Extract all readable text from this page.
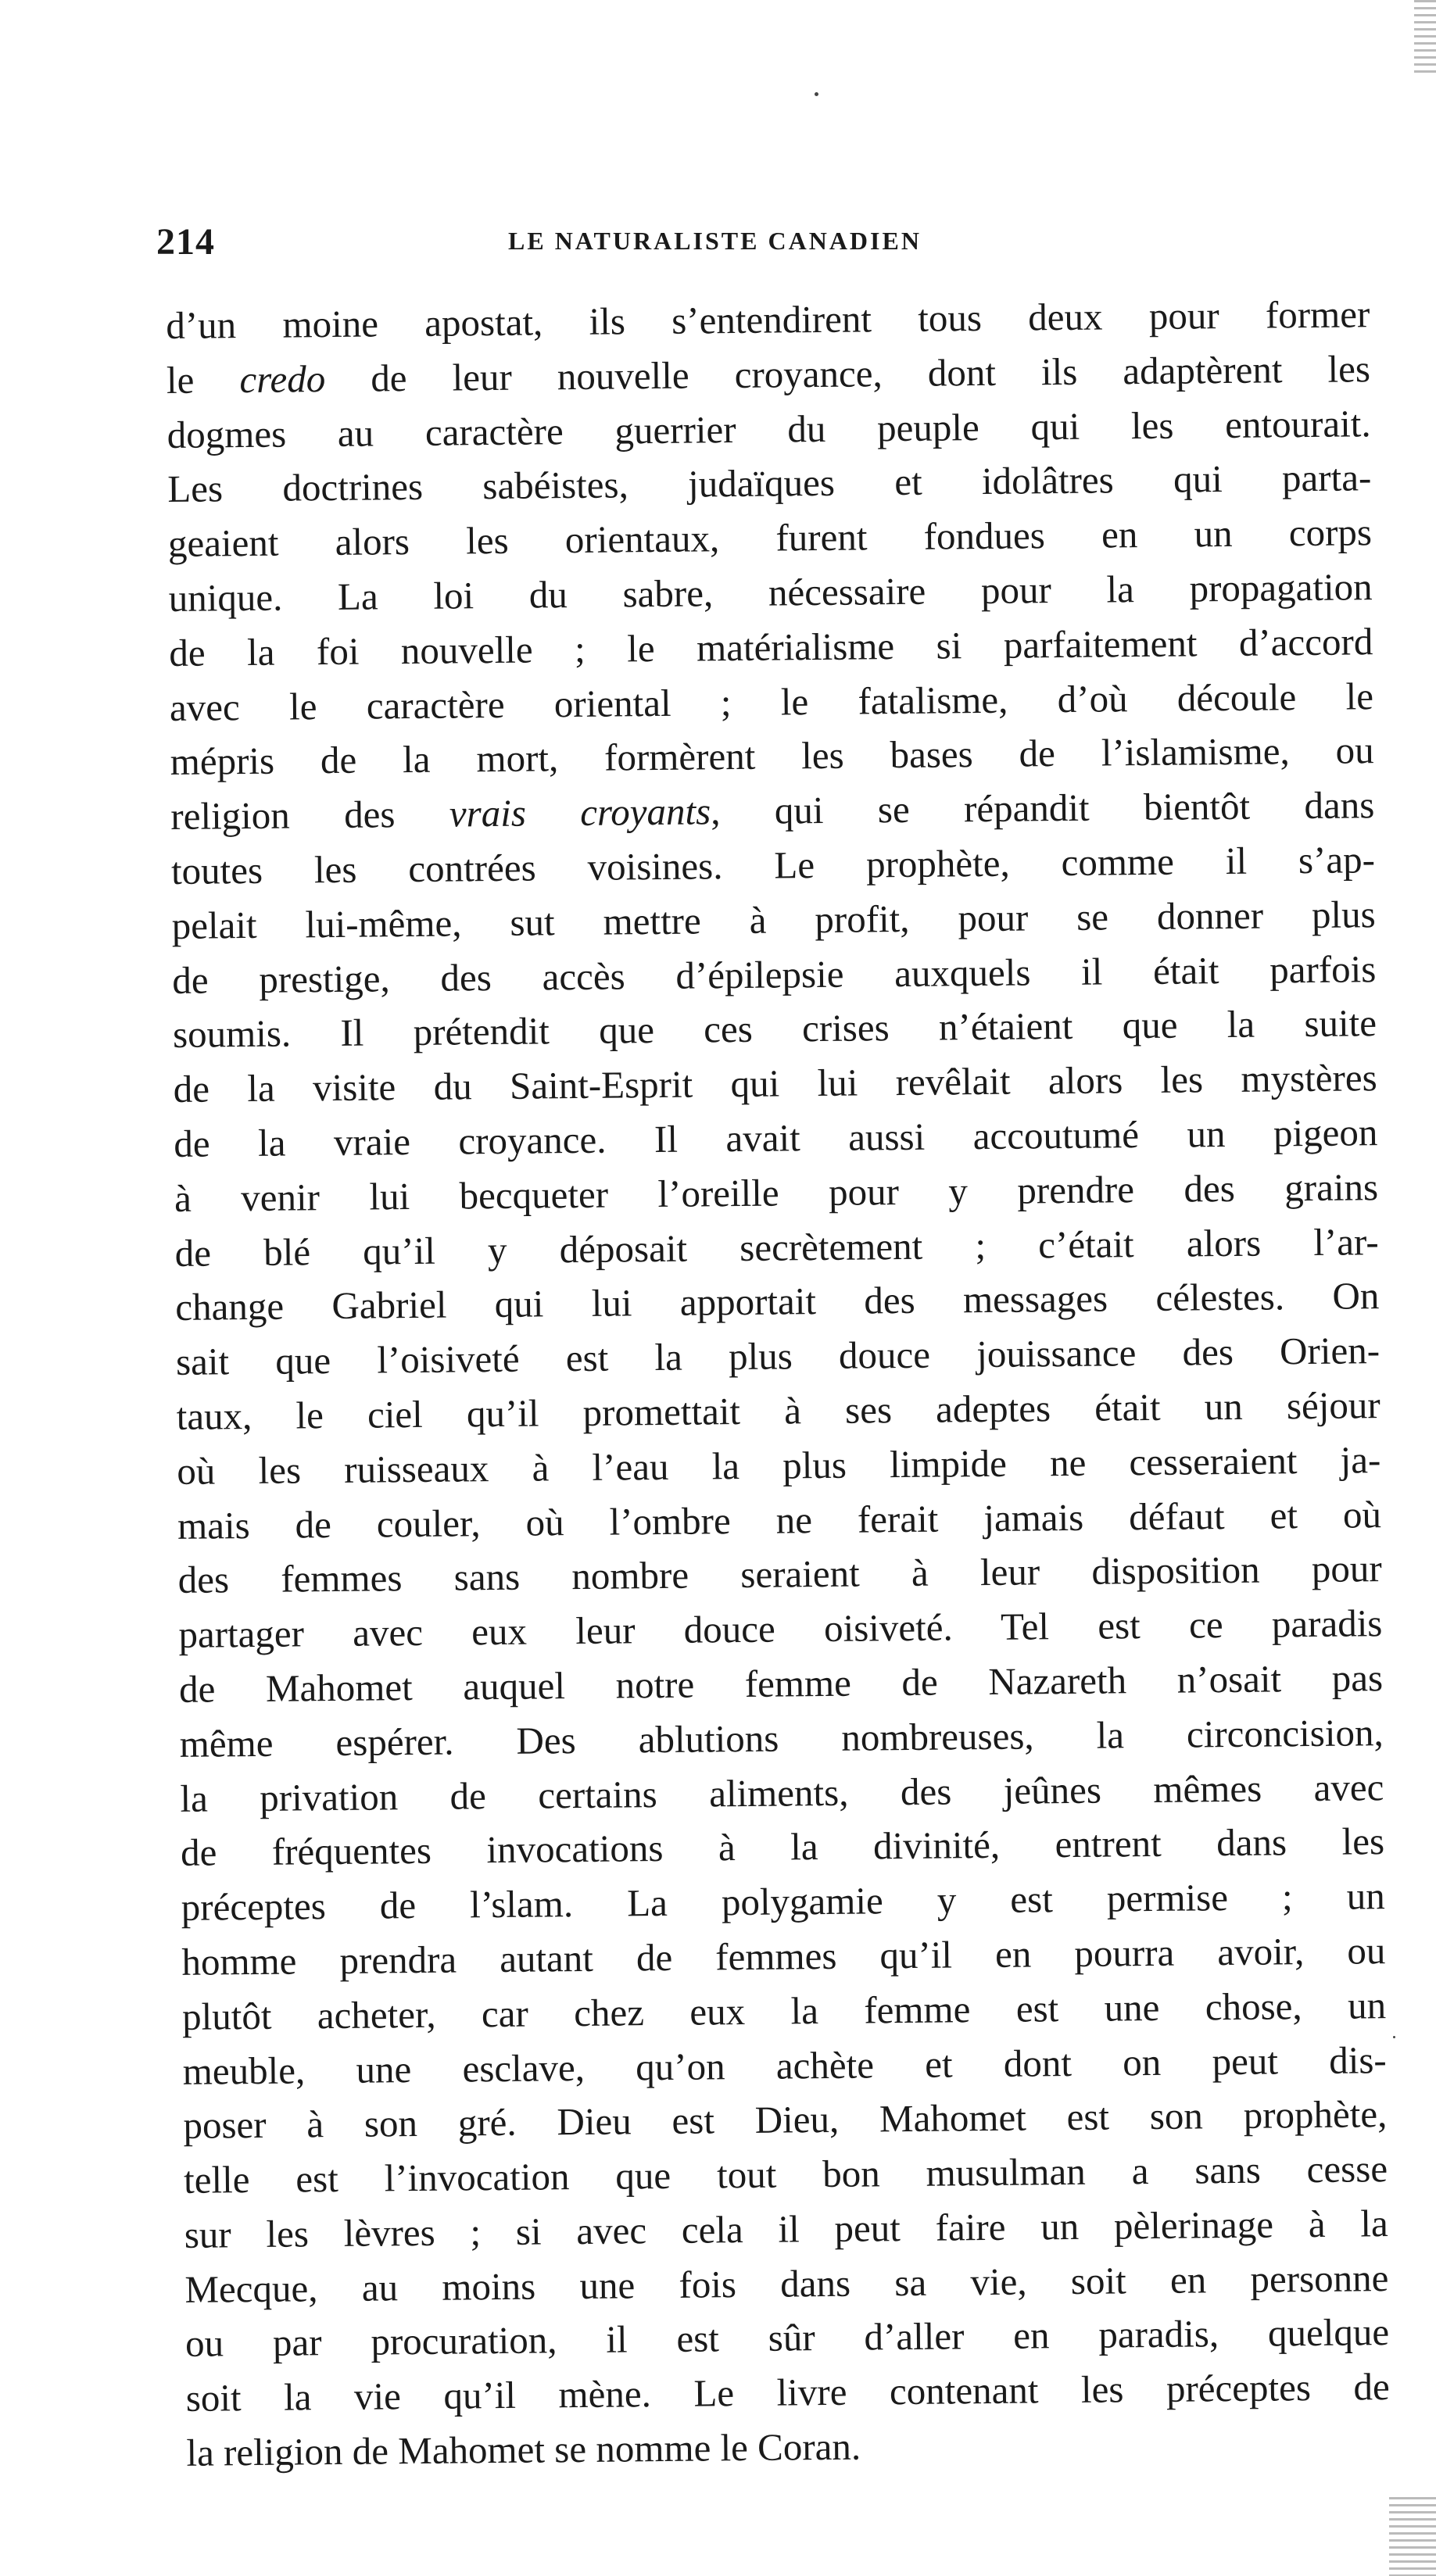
214	LE NATURALISTE CANADIEN
d’un moine apostat, ils s’entendirent tous deux pour former
le credo de leur nouvelle croyance, dont ils adaptèrent les
dogmes au caractère guerrier du peuple qui les entourait.
Les doctrines sabéistes, judaïques et idolâtres qui parta-
geaient alors les orientaux, furent fondues en un corps
unique. La loi du sabre, nécessaire pour la propagation
de la foi nouvelle ; le matérialisme si parfaitement d’accord
avec le caractère oriental ; le fatalisme, d’où découle le
mépris de la mort, formèrent les bases de l’islamisme, ou
religion des vrais croyants, qui se répandit bientôt dans
toutes les contrées voisines. Le prophète, comme il s’ap-
pelait lui-même, sut mettre à profit, pour se donner plus
de prestige, des accès d’épilepsie auxquels il était parfois
soumis. Il prétendit que ces crises n’étaient que la suite
de la visite du Saint-Esprit qui lui revêlait alors les mystères
de la vraie croyance. Il avait aussi accoutumé un pigeon
à venir lui becqueter l’oreille pour y prendre des grains
de blé qu’il y déposait secrètement ; c’était alors l’ar-
change Gabriel qui lui apportait des messages célestes. On
sait que l’oisiveté est la plus douce jouissance des Orien-
taux, le ciel qu’il promettait à ses adeptes était un séjour
où les ruisseaux à l’eau la plus limpide ne cesseraient ja-
mais de couler, où l’ombre ne ferait jamais défaut et où
des femmes sans nombre seraient à leur disposition pour
partager avec eux leur douce oisiveté. Tel est ce paradis
de Mahomet auquel notre femme de Nazareth n’osait pas
même espérer. Des ablutions nombreuses, la circoncision,
la privation de certains aliments, des jeûnes mêmes avec
de fréquentes invocations à la divinité, entrent dans les
préceptes de l’slam. La polygamie y est permise ; un
homme prendra autant de femmes qu’il en pourra avoir, ou
plutôt acheter, car chez eux la femme est une chose, un
meuble, une esclave, qu’on achète et dont on peut dis-
poser à son gré. Dieu est Dieu, Mahomet est son prophète,
telle est l’invocation que tout bon musulman a sans cesse
sur les lèvres ; si avec cela il peut faire un pèlerinage à la
Mecque, au moins une fois dans sa vie, soit en personne
ou par procuration, il est sûr d’aller en paradis, quelque
soit la vie qu’il mène. Le livre contenant les préceptes de
la religion de Mahomet se nomme le Coran.
